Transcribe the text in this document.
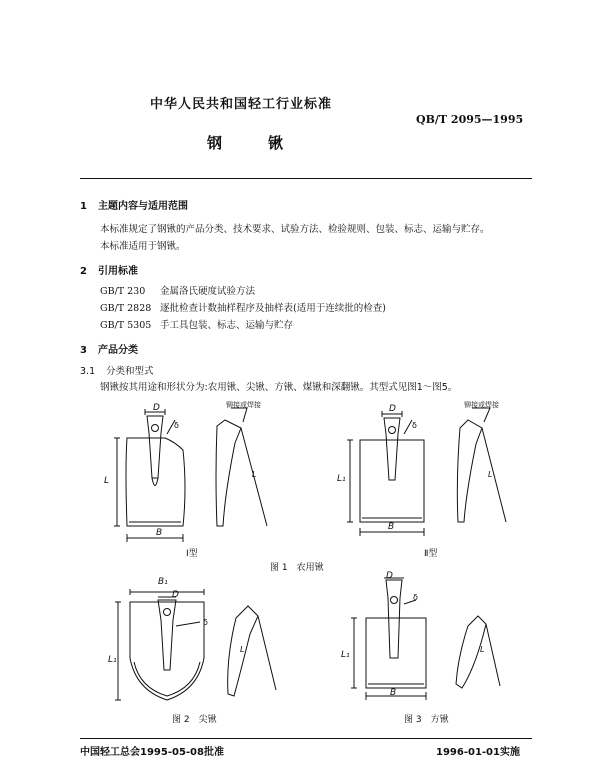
中华人民共和国轻工行业标准
QB/T 2095—1995
钢锹
1 主题内容与适用范围
本标准规定了钢锹的产品分类、技术要求、试验方法、检验规则、包装、标志、运输与贮存。
本标准适用于钢锹。
2 引用标准
GB/T 230 金属洛氏硬度试验方法
GB/T 2828 逐批检查计数抽样程序及抽样表(适用于连续批的检查)
GB/T 5305 手工具包装、标志、运输与贮存
3 产品分类
3.1 分类和型式
钢锹按其用途和形状分为:农用锹、尖锹、方锹、煤锹和深翻锹。其型式见图1～图5。
D
δ
L
B
铆接或焊接
L
Ⅰ型
D
δ
L₁
B
铆接或焊接
L
Ⅱ型
图 1　农用锹
B₁
D
δ
L₁
L
图 2　尖锹
D
δ
L₁
B
L
图 3　方锹
中国轻工总会1995-05-08批准	1996-01-01实施
